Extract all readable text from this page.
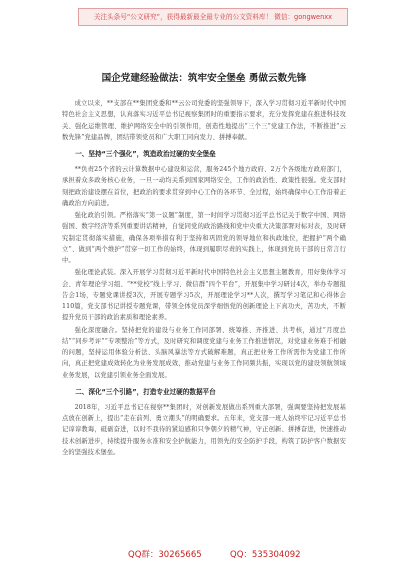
关注头条号“公文研究”，获得最新最全最专业的公文资料库！ 微信：gongwenxx
国企党建经验做法：筑牢安全堡垒 勇做云数先锋
成立以来，**支部在**集团党委和**云公司党委的坚强领导下，深入学习贯彻习近平新时代中国特色社会主义思想，认真落实习近平总书记视察集团时的重要指示要求，充分发挥党建在推进科技攻关、强化运维管理、维护网络安全中的引领作用，创造性地提出“三个三”党建工作法，不断推进“云数先锋”党建品牌，团结带领党员和广大职工同向发力、拼搏奉献。
一、坚持“三个强化”，筑造政治过硬的安全堡垒
**负责25个省的云计算数据中心建设和运营，服务245个地方政府、2万个各级地方政府部门，承担着众多政务核心业务，一旦一动均关系到国家网络安全，工作的政治性、政策性很强。党支部时刻把政治建设摆在首位，把政治的要求贯穿到中心工作的各环节、全过程，始终确保中心工作沿着正确政治方向前进。
强化政治引领。严格落实“第一议题”制度，第一时间学习贯彻习近平总书记关于数字中国、网络强国、数字经济等系列重要讲话精神，自觉同党的政治路线和党中央重大决策部署对标对表，及时研究制定贯彻落实措施，确保各项举措有利于坚持和巩固党的领导地位和执政地位，把握护“两个确立”、做到“两个维护”贯穿一切工作的始终，体现到履职尽责的实践上，体现到党员干部的日常言行中。
强化理论武装。深入开展学习贯彻习近平新时代中国特色社会主义思想主题教育，用好集体学习会、青年理论学习组、“**党校”线上学习、微信群“四个平台”，开展集中学习研讨4次，举办专题报告会1场，专题党课讲授3次，开展专题学习5次，开展理论学习**人次，撰写学习笔记和心得体会110篇，党支部书记讲授专题党课，带领全体党员深学细悟党的创新理论上下真功夫，苦功夫，不断提升党员干部的政治素质和理论素养。
强化深度融合。坚持把党的建设与业务工作同部署、统筹推、齐推进、共考核，通过“月度总结”“同步考评”“专项整治”等方式，及时研究和调度党建与业务工作推进情况，对党建业务难于相融的问题，坚持运用体验分析法、头脑风暴法等方式破解难题，真正把业务工作所需作为党建工作所向，真正把党建成效转化为业务发展成效，推动党建与业务工作同频共振，实现以党的建设领航领域业务发展，以党建引领业务全面发展。
二、深化“三个引路”，打造专业过硬的数据平台
2018年，习近平总书记在视察**集团时，对创新发展做出系列重大部署，强调要坚持把发展基点放在创新上，提出“走在前列、勇立潮头”的明确要求。五年来，党支部一班人始终牢记习近平总书记谆谆教诲，砥砺奋进，以时不我待的紧迫感和只争朝夕的精气神，守正创新、拼搏奋进，快速推动技术创新进步，持续提升服务水准和安全护航能力，用领先的安全防护手段，构筑了防护客户数据安全的坚强技术堡垒。
QQ群：30265665	QQ：535304092
